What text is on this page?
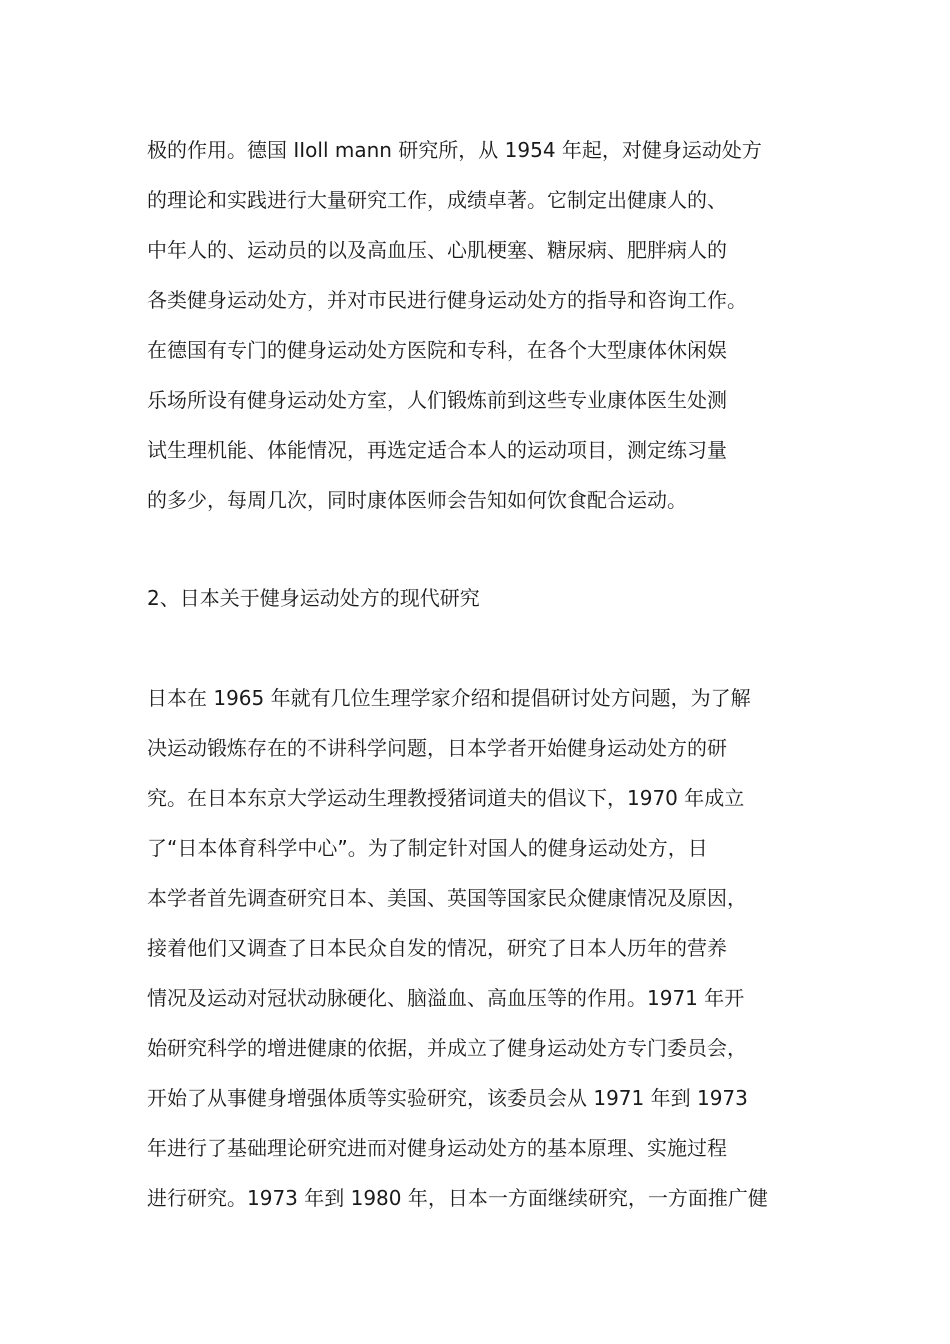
极的作用。德国 IIoll mann 研究所，从 1954 年起，对健身运动处方
的理论和实践进行大量研究工作，成绩卓著。它制定出健康人的、
中年人的、运动员的以及高血压、心肌梗塞、糖尿病、肥胖病人的
各类健身运动处方，并对市民进行健身运动处方的指导和咨询工作。
在德国有专门的健身运动处方医院和专科，在各个大型康体休闲娱
乐场所设有健身运动处方室，人们锻炼前到这些专业康体医生处测
试生理机能、体能情况，再选定适合本人的运动项目，测定练习量
的多少，每周几次，同时康体医师会告知如何饮食配合运动。
2、日本关于健身运动处方的现代研究
日本在 1965 年就有几位生理学家介绍和提倡研讨处方问题，为了解
决运动锻炼存在的不讲科学问题，日本学者开始健身运动处方的研
究。在日本东京大学运动生理教授猪词道夫的倡议下，1970 年成立
了“日本体育科学中心”。为了制定针对国人的健身运动处方，日
本学者首先调查研究日本、美国、英国等国家民众健康情况及原因，
接着他们又调查了日本民众自发的情况，研究了日本人历年的营养
情况及运动对冠状动脉硬化、脑溢血、高血压等的作用。1971 年开
始研究科学的增进健康的依据，并成立了健身运动处方专门委员会，
开始了从事健身增强体质等实验研究，该委员会从 1971 年到 1973
年进行了基础理论研究进而对健身运动处方的基本原理、实施过程
进行研究。1973 年到 1980 年，日本一方面继续研究，一方面推广健
